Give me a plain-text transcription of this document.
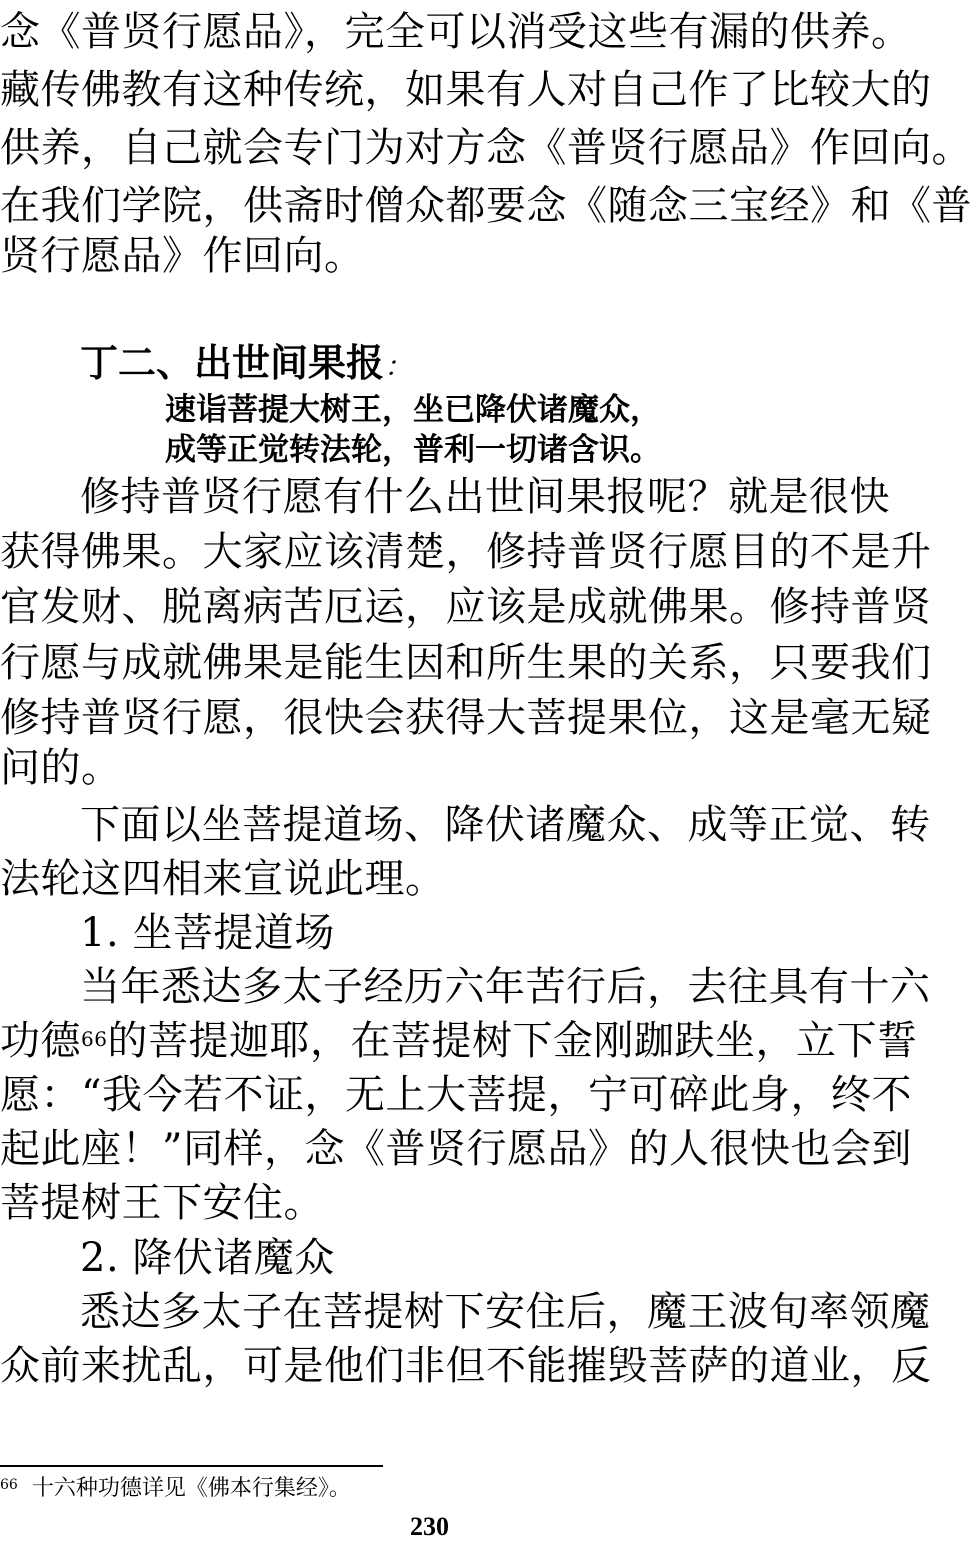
念《普贤行愿品》，完全可以消受这些有漏的供养。
藏传佛教有这种传统，如果有人对自己作了比较大的
供养，自己就会专门为对方念《普贤行愿品》作回向。
在我们学院，供斋时僧众都要念《随念三宝经》和《普
贤行愿品》作回向。
丁二、出世间果报：
速诣菩提大树王，坐已降伏诸魔众，
成等正觉转法轮，普利一切诸含识。
修持普贤行愿有什么出世间果报呢？就是很快
获得佛果。大家应该清楚，修持普贤行愿目的不是升
官发财、脱离病苦厄运，应该是成就佛果。修持普贤
行愿与成就佛果是能生因和所生果的关系，只要我们
修持普贤行愿，很快会获得大菩提果位，这是毫无疑
问的。
下面以坐菩提道场、降伏诸魔众、成等正觉、转
法轮这四相来宣说此理。
1. 坐菩提道场
当年悉达多太子经历六年苦行后，去往具有十六
功德$^{66}$的菩提迦耶，在菩提树下金刚跏趺坐，立下誓
愿：“我今若不证，无上大菩提，宁可碎此身，终不
起此座！”同样，念《普贤行愿品》的人很快也会到
菩提树王下安住。
2. 降伏诸魔众
悉达多太子在菩提树下安住后，魔王波旬率领魔
众前来扰乱，可是他们非但不能摧毁菩萨的道业，反
$^{66}$ 十六种功德详见《佛本行集经》。
230
